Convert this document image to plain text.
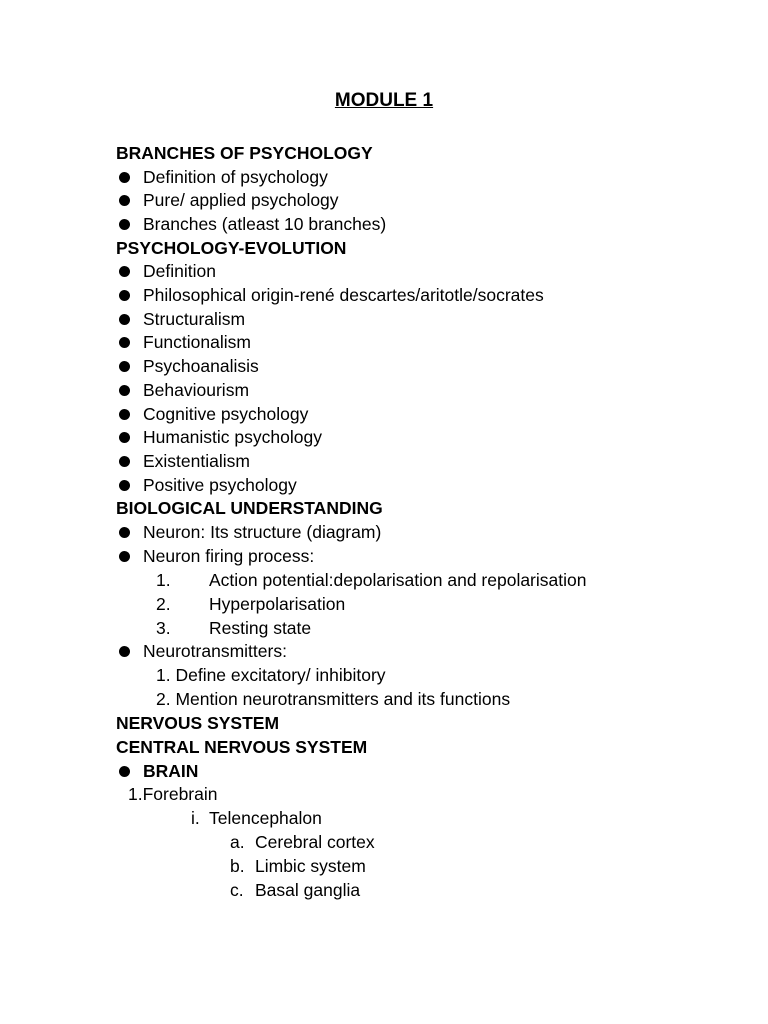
MODULE 1
BRANCHES OF PSYCHOLOGY
Definition of psychology
Pure/ applied psychology
Branches (atleast 10 branches)
PSYCHOLOGY-EVOLUTION
Definition
Philosophical origin-rené descartes/aritotle/socrates
Structuralism
Functionalism
Psychoanalisis
Behaviourism
Cognitive psychology
Humanistic psychology
Existentialism
Positive psychology
BIOLOGICAL UNDERSTANDING
Neuron: Its structure (diagram)
Neuron firing process:
1. Action potential:depolarisation and repolarisation
2. Hyperpolarisation
3. Resting state
Neurotransmitters:
1. Define excitatory/ inhibitory
2. Mention neurotransmitters and its functions
NERVOUS SYSTEM
CENTRAL NERVOUS SYSTEM
BRAIN
1.Forebrain
i. Telencephalon
a. Cerebral cortex
b. Limbic system
c. Basal ganglia
